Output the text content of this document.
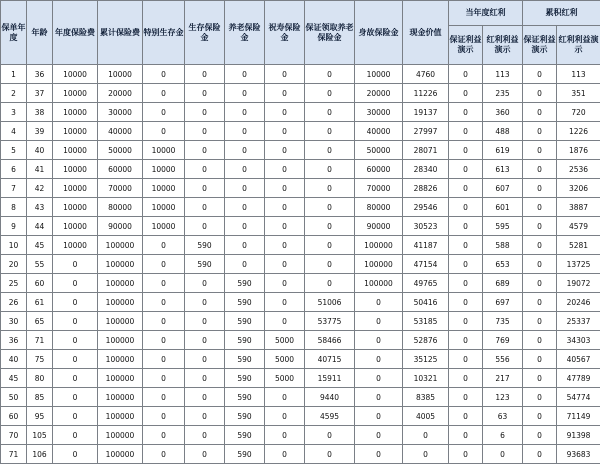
保单年度	年龄	年度保险费	累计保险费	特别生存金	生存保险金	养老保险金	祝寿保险金	保证领取养老保险金	身故保险金	现金价值	当年度红利		累积红利	
											保证利益演示	红利利益演示	保证利益演示	红利利益演示
1	36	10000	10000	0	0	0	0	0	10000	4760	0	113	0	113
2	37	10000	20000	0	0	0	0	0	20000	11226	0	235	0	351
3	38	10000	30000	0	0	0	0	0	30000	19137	0	360	0	720
4	39	10000	40000	0	0	0	0	0	40000	27997	0	488	0	1226
5	40	10000	50000	10000	0	0	0	0	50000	28071	0	619	0	1876
6	41	10000	60000	10000	0	0	0	0	60000	28340	0	613	0	2536
7	42	10000	70000	10000	0	0	0	0	70000	28826	0	607	0	3206
8	43	10000	80000	10000	0	0	0	0	80000	29546	0	601	0	3887
9	44	10000	90000	10000	0	0	0	0	90000	30523	0	595	0	4579
10	45	10000	100000	0	590	0	0	0	100000	41187	0	588	0	5281
20	55	0	100000	0	590	0	0	0	100000	47154	0	653	0	13725
25	60	0	100000	0	0	590	0	0	100000	49765	0	689	0	19072
26	61	0	100000	0	0	590	0	51006	0	50416	0	697	0	20246
30	65	0	100000	0	0	590	0	53775	0	53185	0	735	0	25337
36	71	0	100000	0	0	590	5000	58466	0	52876	0	769	0	34303
40	75	0	100000	0	0	590	5000	40715	0	35125	0	556	0	40567
45	80	0	100000	0	0	590	5000	15911	0	10321	0	217	0	47789
50	85	0	100000	0	0	590	0	9440	0	8385	0	123	0	54774
60	95	0	100000	0	0	590	0	4595	0	4005	0	63	0	71149
70	105	0	100000	0	0	590	0	0	0	0	0	6	0	91398
71	106	0	100000	0	0	590	0	0	0	0	0	0	0	93683
